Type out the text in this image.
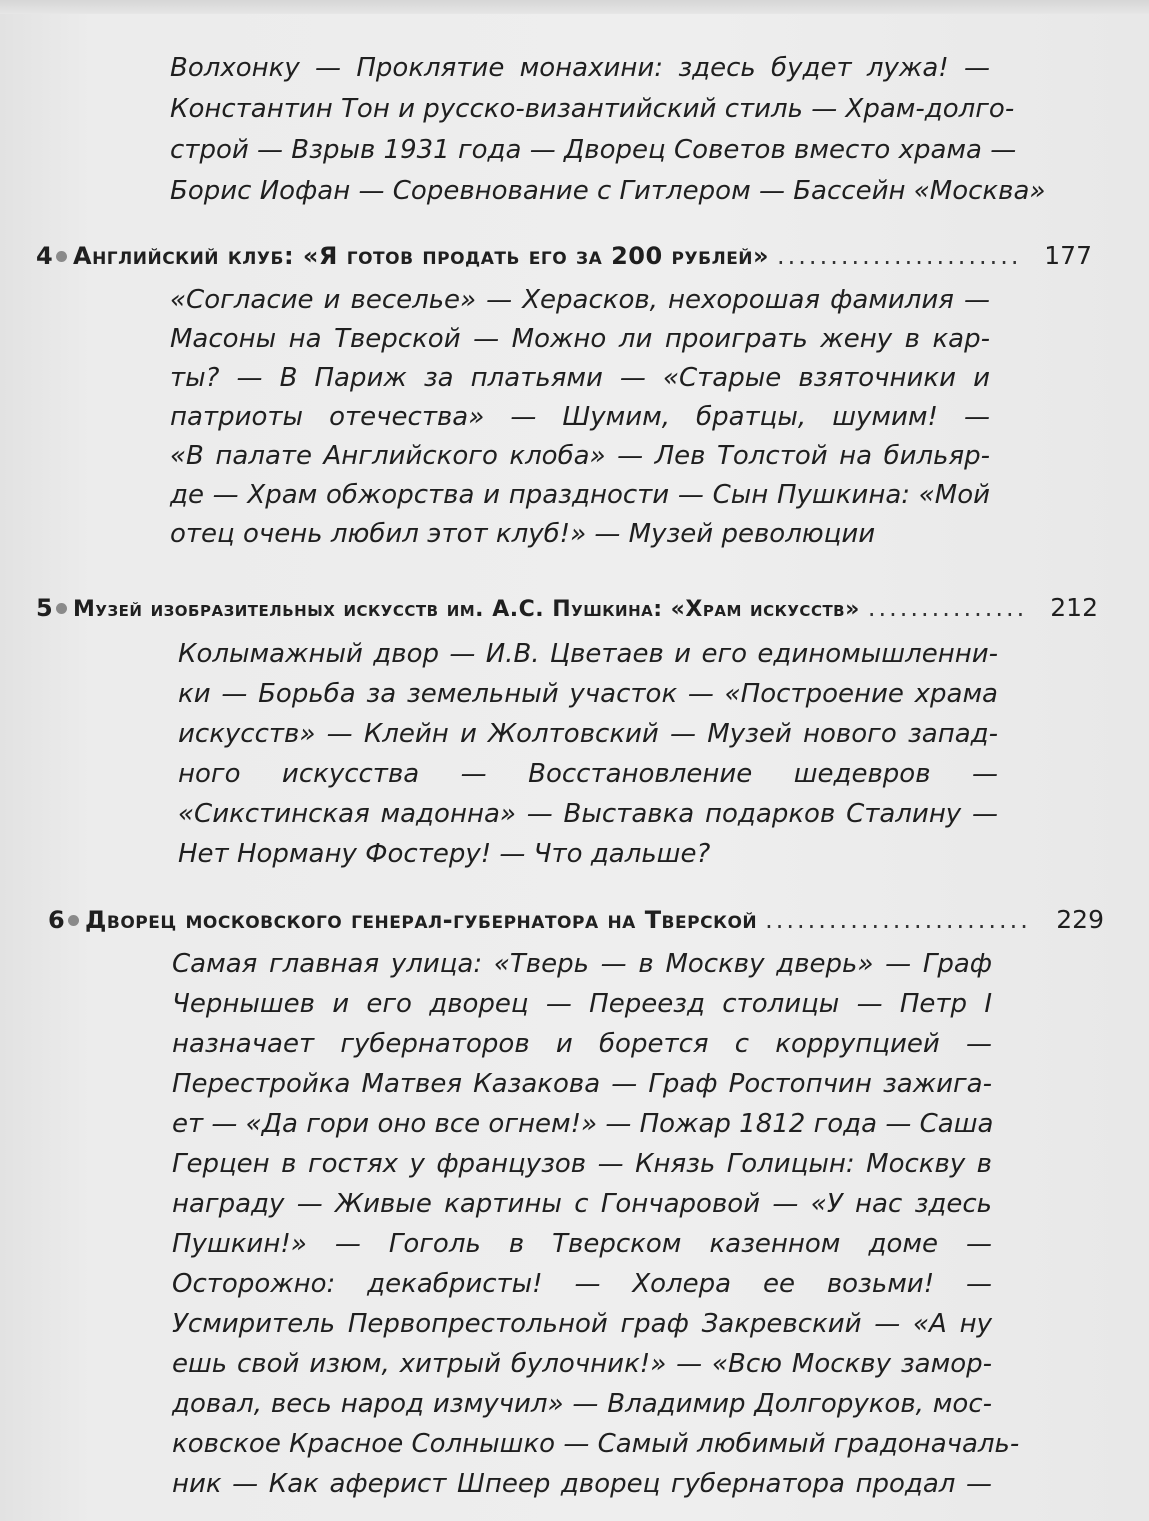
Волхонку — Проклятие монахини: здесь будет лужа! —
Константин Тон и русско-византийский стиль — Храм-долго-
строй — Взрыв 1931 года — Дворец Советов вместо храма —
Борис Иофан — Соревнование с Гитлером — Бассейн «Москва»
4 Английский клуб: «Я готов продать его за 200 рублей» ....................... 177
«Согласие и веселье» — Херасков, нехорошая фамилия —
Масоны на Тверской — Можно ли проиграть жену в кар-
ты? — В Париж за платьями — «Старые взяточники и
патриоты отечества» — Шумим, братцы, шумим! —
«В палате Английского клоба» — Лев Толстой на бильяр-
де — Храм обжорства и праздности — Сын Пушкина: «Мой
отец очень любил этот клуб!» — Музей революции
5 Музей изобразительных искусств им. А.С. Пушкина: «Храм искусств» ............... 212
Колымажный двор — И.В. Цветаев и его единомышленни-
ки — Борьба за земельный участок — «Построение храма
искусств» — Клейн и Жолтовский — Музей нового запад-
ного искусства — Восстановление шедевров —
«Сикстинская мадонна» — Выставка подарков Сталину —
Нет Норману Фостеру! — Что дальше?
6 Дворец московского генерал-губернатора на Тверской .........................	229
Самая главная улица: «Тверь — в Москву дверь» — Граф
Чернышев и его дворец — Переезд столицы — Петр I
назначает губернаторов и борется с коррупцией —
Перестройка Матвея Казакова — Граф Ростопчин зажига-
ет — «Да гори оно все огнем!» — Пожар 1812 года — Саша
Герцен в гостях у французов — Князь Голицын: Москву в
награду — Живые картины с Гончаровой — «У нас здесь
Пушкин!» — Гоголь в Тверском казенном доме —
Осторожно: декабристы! — Холера ее возьми! —
Усмиритель Первопрестольной граф Закревский — «А ну
ешь свой изюм, хитрый булочник!» — «Всю Москву замор-
довал, весь народ измучил» — Владимир Долгоруков, мос-
ковское Красное Солнышко — Самый любимый градоначаль-
ник — Как аферист Шпеер дворец губернатора продал —
